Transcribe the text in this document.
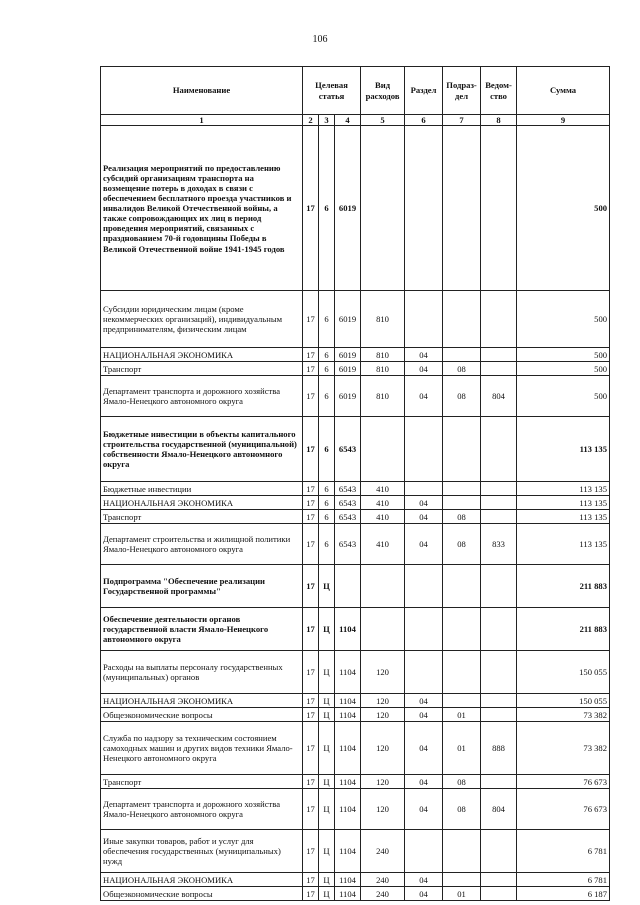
106
Наименование	Целевая статья			Вид расходов	Раздел	Подраз-дел	Ведом-ство	Сумма
1	2	3	4	5	6	7	8	9
Реализация мероприятий по предоставлению субсидий организациям транспорта на возмещение потерь в доходах в связи с обеспечением бесплатного проезда участников и инвалидов Великой Отечественной войны, а также сопровождающих их лиц в период проведения мероприятий, связанных с празднованием 70-й годовщины Победы в Великой Отечественной войне 1941-1945 годов	17	6	6019					500
Субсидии юридическим лицам (кроме некоммерческих организаций), индивидуальным предпринимателям, физическим лицам	17	6	6019	810				500
НАЦИОНАЛЬНАЯ ЭКОНОМИКА	17	6	6019	810	04			500
Транспорт	17	6	6019	810	04	08		500
Департамент транспорта и дорожного хозяйства Ямало-Ненецкого автономного округа	17	6	6019	810	04	08	804	500
Бюджетные инвестиции в объекты капитального строительства государственной (муниципальной) собственности Ямало-Ненецкого автономного округа	17	6	6543					113 135
Бюджетные инвестиции	17	6	6543	410				113 135
НАЦИОНАЛЬНАЯ ЭКОНОМИКА	17	6	6543	410	04			113 135
Транспорт	17	6	6543	410	04	08		113 135
Департамент строительства и жилищной политики Ямало-Ненецкого автономного округа	17	6	6543	410	04	08	833	113 135
Подпрограмма "Обеспечение реализации Государственной программы"	17	Ц						211 883
Обеспечение деятельности органов государственной власти Ямало-Ненецкого автономного округа	17	Ц	1104					211 883
Расходы на выплаты персоналу государственных (муниципальных) органов	17	Ц	1104	120				150 055
НАЦИОНАЛЬНАЯ ЭКОНОМИКА	17	Ц	1104	120	04			150 055
Общеэкономические вопросы	17	Ц	1104	120	04	01		73 382
Служба по надзору за техническим состоянием самоходных машин и других видов техники Ямало-Ненецкого автономного округа	17	Ц	1104	120	04	01	888	73 382
Транспорт	17	Ц	1104	120	04	08		76 673
Департамент транспорта и дорожного хозяйства Ямало-Ненецкого автономного округа	17	Ц	1104	120	04	08	804	76 673
Иные закупки товаров, работ и услуг для обеспечения государственных (муниципальных) нужд	17	Ц	1104	240				6 781
НАЦИОНАЛЬНАЯ ЭКОНОМИКА	17	Ц	1104	240	04			6 781
Общеэкономические вопросы	17	Ц	1104	240	04	01		6 187
